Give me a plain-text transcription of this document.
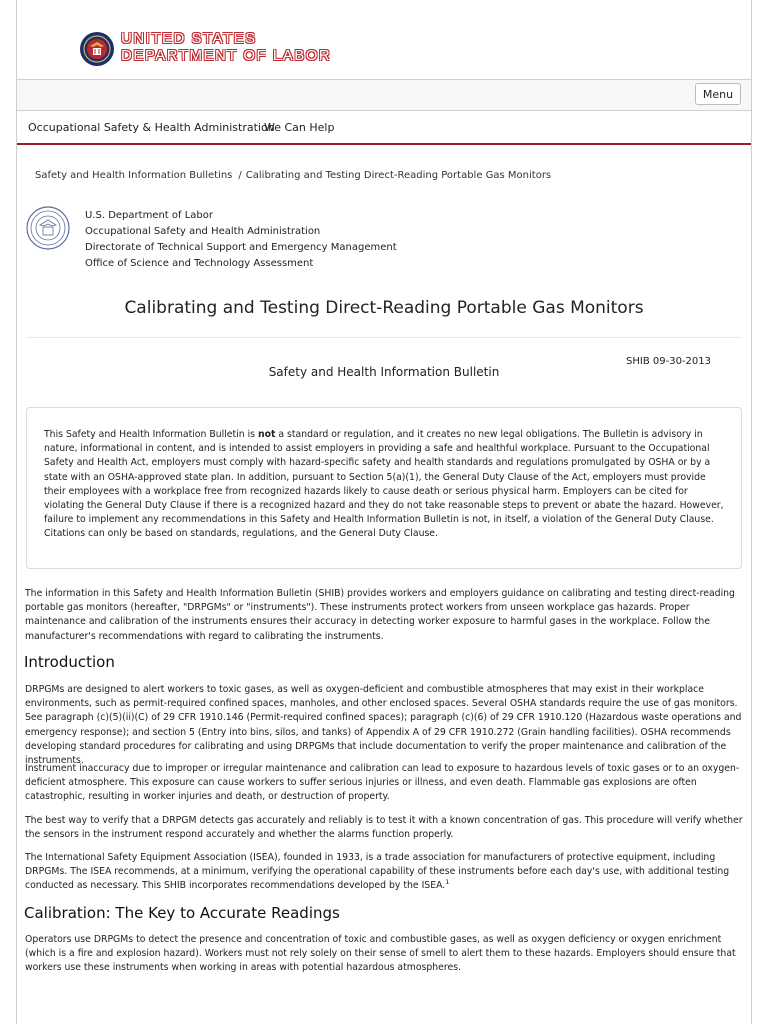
UNITED STATES
DEPARTMENT OF LABOR
Menu
Occupational Safety & Health Administration
We Can Help
Safety and Health Information Bulletins / Calibrating and Testing Direct-Reading Portable Gas Monitors
U.S. Department of Labor
Occupational Safety and Health Administration
Directorate of Technical Support and Emergency Management
Office of Science and Technology Assessment
Calibrating and Testing Direct-Reading Portable Gas Monitors
SHIB 09-30-2013
Safety and Health Information Bulletin
This Safety and Health Information Bulletin is not a standard or regulation, and it creates no new legal obligations. The Bulletin is advisory in nature, informational in content, and is intended to assist employers in providing a safe and healthful workplace. Pursuant to the Occupational Safety and Health Act, employers must comply with hazard-specific safety and health standards and regulations promulgated by OSHA or by a state with an OSHA-approved state plan. In addition, pursuant to Section 5(a)(1), the General Duty Clause of the Act, employers must provide their employees with a workplace free from recognized hazards likely to cause death or serious physical harm. Employers can be cited for violating the General Duty Clause if there is a recognized hazard and they do not take reasonable steps to prevent or abate the hazard. However, failure to implement any recommendations in this Safety and Health Information Bulletin is not, in itself, a violation of the General Duty Clause. Citations can only be based on standards, regulations, and the General Duty Clause.

The information in this Safety and Health Information Bulletin (SHIB) provides workers and employers guidance on calibrating and testing direct-reading portable gas monitors (hereafter, "DRPGMs" or "instruments"). These instruments protect workers from unseen workplace gas hazards. Proper maintenance and calibration of the instruments ensures their accuracy in detecting worker exposure to harmful gases in the workplace. Follow the manufacturer's recommendations with regard to calibrating the instruments.

Introduction
DRPGMs are designed to alert workers to toxic gases, as well as oxygen-deficient and combustible atmospheres that may exist in their workplace environments, such as permit-required confined spaces, manholes, and other enclosed spaces. Several OSHA standards require the use of gas monitors. See paragraph (c)(5)(ii)(C) of 29 CFR 1910.146 (Permit-required confined spaces); paragraph (c)(6) of 29 CFR 1910.120 (Hazardous waste operations and emergency response); and section 5 (Entry into bins, silos, and tanks) of Appendix A of 29 CFR 1910.272 (Grain handling facilities). OSHA recommends developing standard procedures for calibrating and using DRPGMs that include documentation to verify the proper maintenance and calibration of the instruments.
Instrument inaccuracy due to improper or irregular maintenance and calibration can lead to exposure to hazardous levels of toxic gases or to an oxygen-deficient atmosphere. This exposure can cause workers to suffer serious injuries or illness, and even death. Flammable gas explosions are often catastrophic, resulting in worker injuries and death, or destruction of property.
The best way to verify that a DRPGM detects gas accurately and reliably is to test it with a known concentration of gas. This procedure will verify whether the sensors in the instrument respond accurately and whether the alarms function properly.
The International Safety Equipment Association (ISEA), founded in 1933, is a trade association for manufacturers of protective equipment, including DRPGMs. The ISEA recommends, at a minimum, verifying the operational capability of these instruments before each day's use, with additional testing conducted as necessary. This SHIB incorporates recommendations developed by the ISEA.$^1$
Calibration: The Key to Accurate Readings
Operators use DRPGMs to detect the presence and concentration of toxic and combustible gases, as well as oxygen deficiency or oxygen enrichment (which is a fire and explosion hazard). Workers must not rely solely on their sense of smell to alert them to these hazards. Employers should ensure that workers use these instruments when working in areas with potential hazardous atmospheres.
